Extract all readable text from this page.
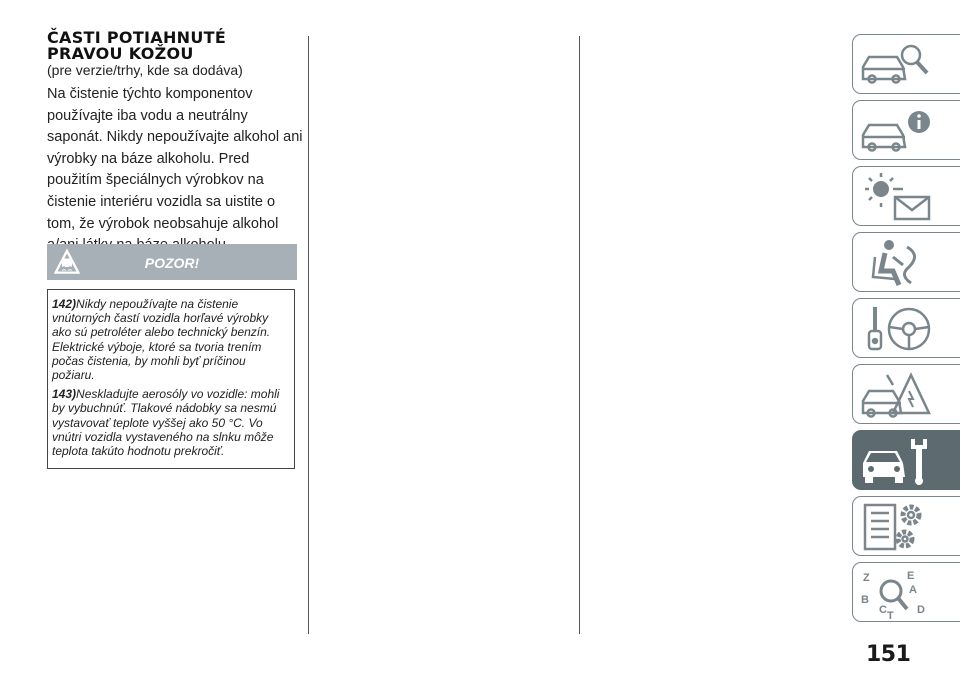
ČASTI POTIAHNUTÉ
PRAVOU KOŽOU
(pre verzie/trhy, kde sa dodáva)
Na čistenie týchto komponentov používajte iba vodu a neutrálny saponát. Nikdy nepoužívajte alkohol ani výrobky na báze alkoholu. Pred použitím špeciálnych výrobkov na čistenie interiéru vozidla sa uistite o tom, že výrobok neobsahuje alkohol
POZOR!

142)Nikdy nepoužívajte na čistenie vnútorných častí vozidla horľavé výrobky ako sú petroléter alebo technický benzín. Elektrické výboje, ktoré sa tvoria trením počas čistenia, by mohli byť príčinou požiaru.

143)Neskladujte aerosóly vo vozidle: mohli by vybuchnúť. Tlakové nádobky sa nesmú vystavovať teplote vyššej ako 50 °C. Vo vnútri vozidla vystaveného na slnku môže teplota takúto hodnotu prekročiť.

Z	E
A
B
C	D
T
151
